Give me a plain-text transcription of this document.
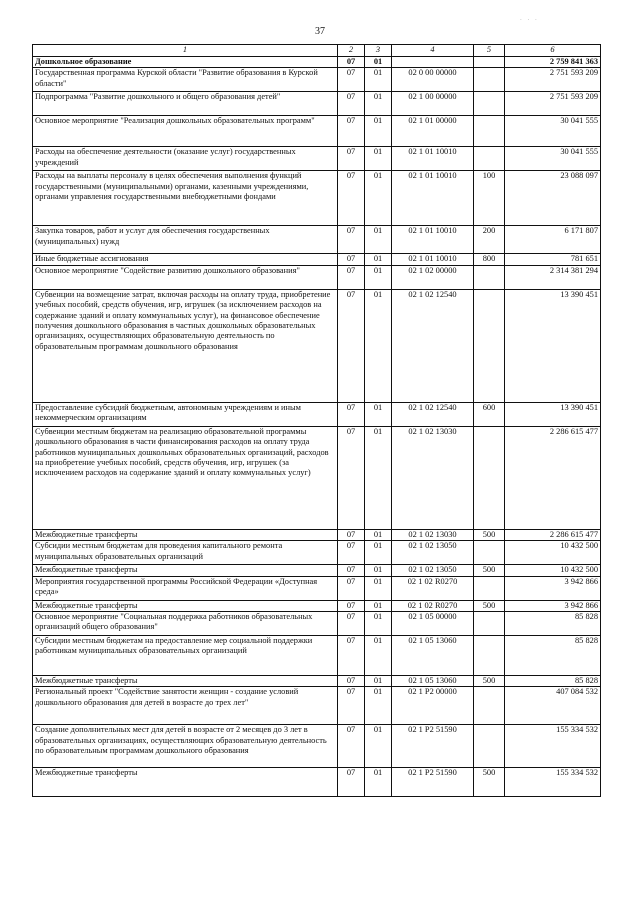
37
. . .
1	2	3	4	5	6
Дошкольное образование	07	01			2 759 841 363
Государственная программа Курской области "Развитие образования в Курской области"	07	01	02 0 00 00000		2 751 593 209
Подпрограмма "Развитие дошкольного и общего образования детей"	07	01	02 1 00 00000		2 751 593 209
Основное мероприятие "Реализация дошкольных образовательных программ"	07	01	02 1 01 00000		30 041 555
Расходы на обеспечение деятельности (оказание услуг) государственных учреждений	07	01	02 1 01 10010		30 041 555
Расходы на выплаты персоналу в целях обеспечения выполнения функций государственными (муниципальными) органами, казенными учреждениями, органами управления государственными внебюджетными фондами	07	01	02 1 01 10010	100	23 088 097
Закупка товаров, работ и услуг для обеспечения государственных (муниципальных) нужд	07	01	02 1 01 10010	200	6 171 807
Иные бюджетные ассигнования	07	01	02 1 01 10010	800	781 651
Основное мероприятие "Содействие развитию дошкольного образования"	07	01	02 1 02 00000		2 314 381 294
Субвенции на возмещение затрат, включая расходы на оплату труда, приобретение учебных пособий, средств обучения, игр, игрушек (за исключением расходов на содержание зданий и оплату коммунальных услуг), на финансовое обеспечение получения дошкольного образования в частных дошкольных образовательных организациях, осуществляющих образовательную деятельность по образовательным программам дошкольного образования	07	01	02 1 02 12540		13 390 451
Предоставление субсидий бюджетным, автономным учреждениям и иным некоммерческим организациям	07	01	02 1 02 12540	600	13 390 451
Субвенции местным бюджетам на реализацию образовательной программы дошкольного образования в части финансирования расходов на оплату труда работников муниципальных дошкольных образовательных организаций, расходов на приобретение учебных пособий, средств обучения, игр, игрушек (за исключением расходов на содержание зданий и оплату коммунальных услуг)	07	01	02 1 02 13030		2 286 615 477
Межбюджетные трансферты	07	01	02 1 02 13030	500	2 286 615 477
Субсидии местным бюджетам для проведения капитального ремонта муниципальных образовательных организаций	07	01	02 1 02 13050		10 432 500
Межбюджетные трансферты	07	01	02 1 02 13050	500	10 432 500
Мероприятия государственной программы Российской Федерации «Доступная среда»	07	01	02 1 02 R0270		3 942 866
Межбюджетные трансферты	07	01	02 1 02 R0270	500	3 942 866
Основное мероприятие "Социальная поддержка работников образовательных организаций общего образования"	07	01	02 1 05 00000		85 828
Субсидии местным бюджетам на предоставление мер социальной поддержки работникам муниципальных образовательных организаций	07	01	02 1 05 13060		85 828
Межбюджетные трансферты	07	01	02 1 05 13060	500	85 828
Региональный проект "Содействие занятости женщин - создание условий дошкольного образования для детей в возрасте до трех лет"	07	01	02 1 P2 00000		407 084 532
Создание дополнительных мест для детей в возрасте от 2 месяцев до 3 лет в образовательных организациях, осуществляющих образовательную деятельность по образовательным программам дошкольного образования	07	01	02 1 P2 51590		155 334 532
Межбюджетные трансферты	07	01	02 1 P2 51590	500	155 334 532
